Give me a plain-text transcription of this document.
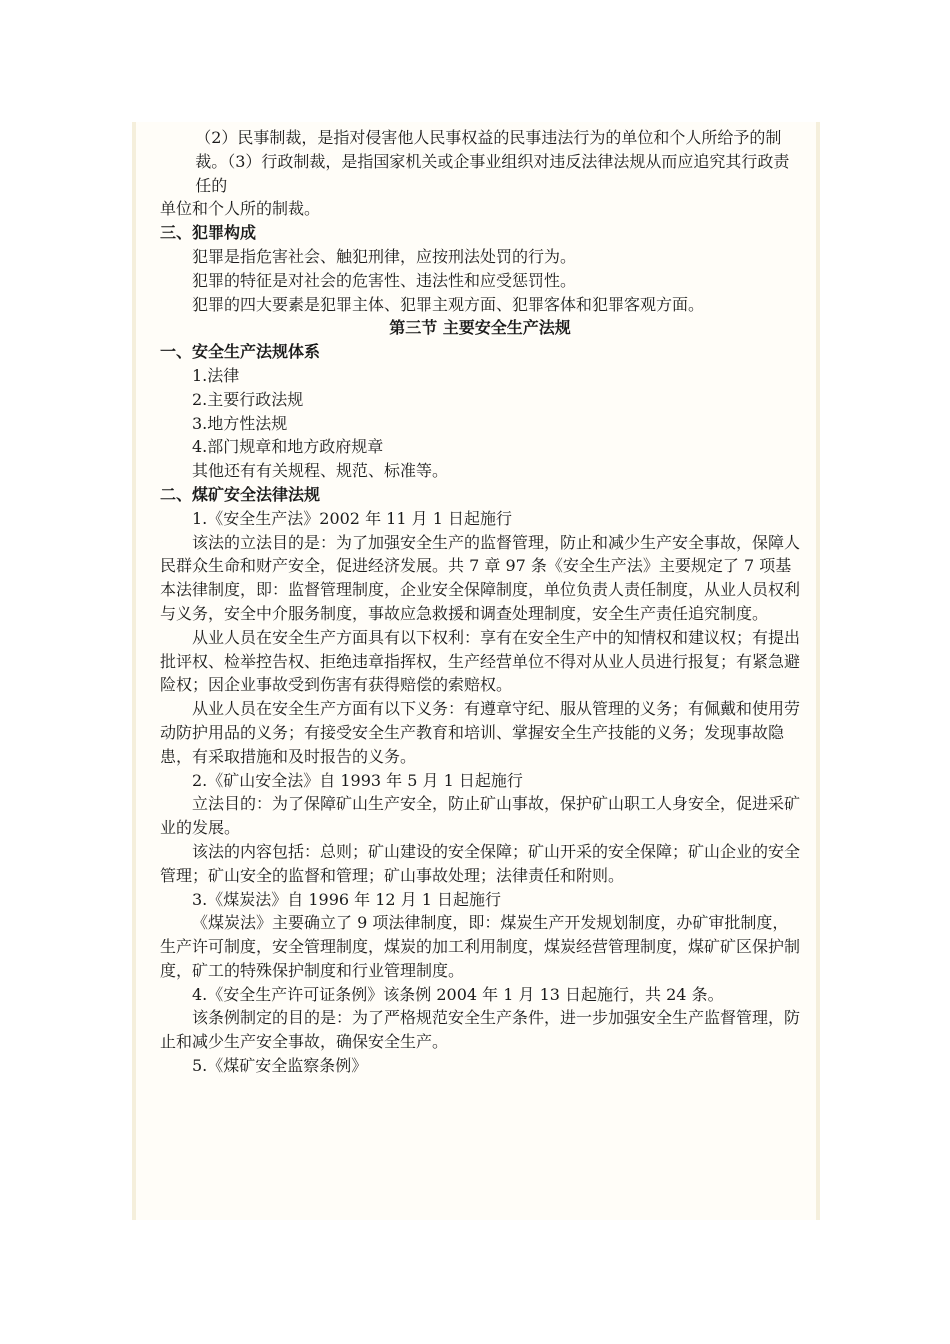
（2）民事制裁，是指对侵害他人民事权益的民事违法行为的单位和个人所给予的制裁。（3）行政制裁，是指国家机关或企事业组织对违反法律法规从而应追究其行政责任的

单位和个人所的制裁。

三、犯罪构成

犯罪是指危害社会、触犯刑律，应按刑法处罚的行为。

犯罪的特征是对社会的危害性、违法性和应受惩罚性。

犯罪的四大要素是犯罪主体、犯罪主观方面、犯罪客体和犯罪客观方面。

第三节 主要安全生产法规

一、安全生产法规体系

1.法律

2.主要行政法规

3.地方性法规

4.部门规章和地方政府规章

其他还有有关规程、规范、标准等。

二、煤矿安全法律法规

1.《安全生产法》2002 年 11 月 1 日起施行

该法的立法目的是：为了加强安全生产的监督管理，防止和减少生产安全事故，保障人民群众生命和财产安全，促进经济发展。共 7 章 97 条《安全生产法》主要规定了 7 项基本法律制度，即：监督管理制度，企业安全保障制度，单位负责人责任制度，从业人员权利与义务，安全中介服务制度，事故应急救援和调查处理制度，安全生产责任追究制度。

从业人员在安全生产方面具有以下权利：享有在安全生产中的知情权和建议权；有提出批评权、检举控告权、拒绝违章指挥权，生产经营单位不得对从业人员进行报复；有紧急避险权；因企业事故受到伤害有获得赔偿的索赔权。

从业人员在安全生产方面有以下义务：有遵章守纪、服从管理的义务；有佩戴和使用劳动防护用品的义务；有接受安全生产教育和培训、掌握安全生产技能的义务；发现事故隐患，有采取措施和及时报告的义务。

2.《矿山安全法》自 1993 年 5 月 1 日起施行

立法目的：为了保障矿山生产安全，防止矿山事故，保护矿山职工人身安全，促进采矿业的发展。

该法的内容包括：总则；矿山建设的安全保障；矿山开采的安全保障；矿山企业的安全管理；矿山安全的监督和管理；矿山事故处理；法律责任和附则。

3.《煤炭法》自 1996 年 12 月 1 日起施行

《煤炭法》主要确立了 9 项法律制度，即：煤炭生产开发规划制度，办矿审批制度，生产许可制度，安全管理制度，煤炭的加工利用制度，煤炭经营管理制度，煤矿矿区保护制度，矿工的特殊保护制度和行业管理制度。

4.《安全生产许可证条例》该条例 2004 年 1 月 13 日起施行，共 24 条。

该条例制定的目的是：为了严格规范安全生产条件，进一步加强安全生产监督管理，防止和减少生产安全事故，确保安全生产。

5.《煤矿安全监察条例》
